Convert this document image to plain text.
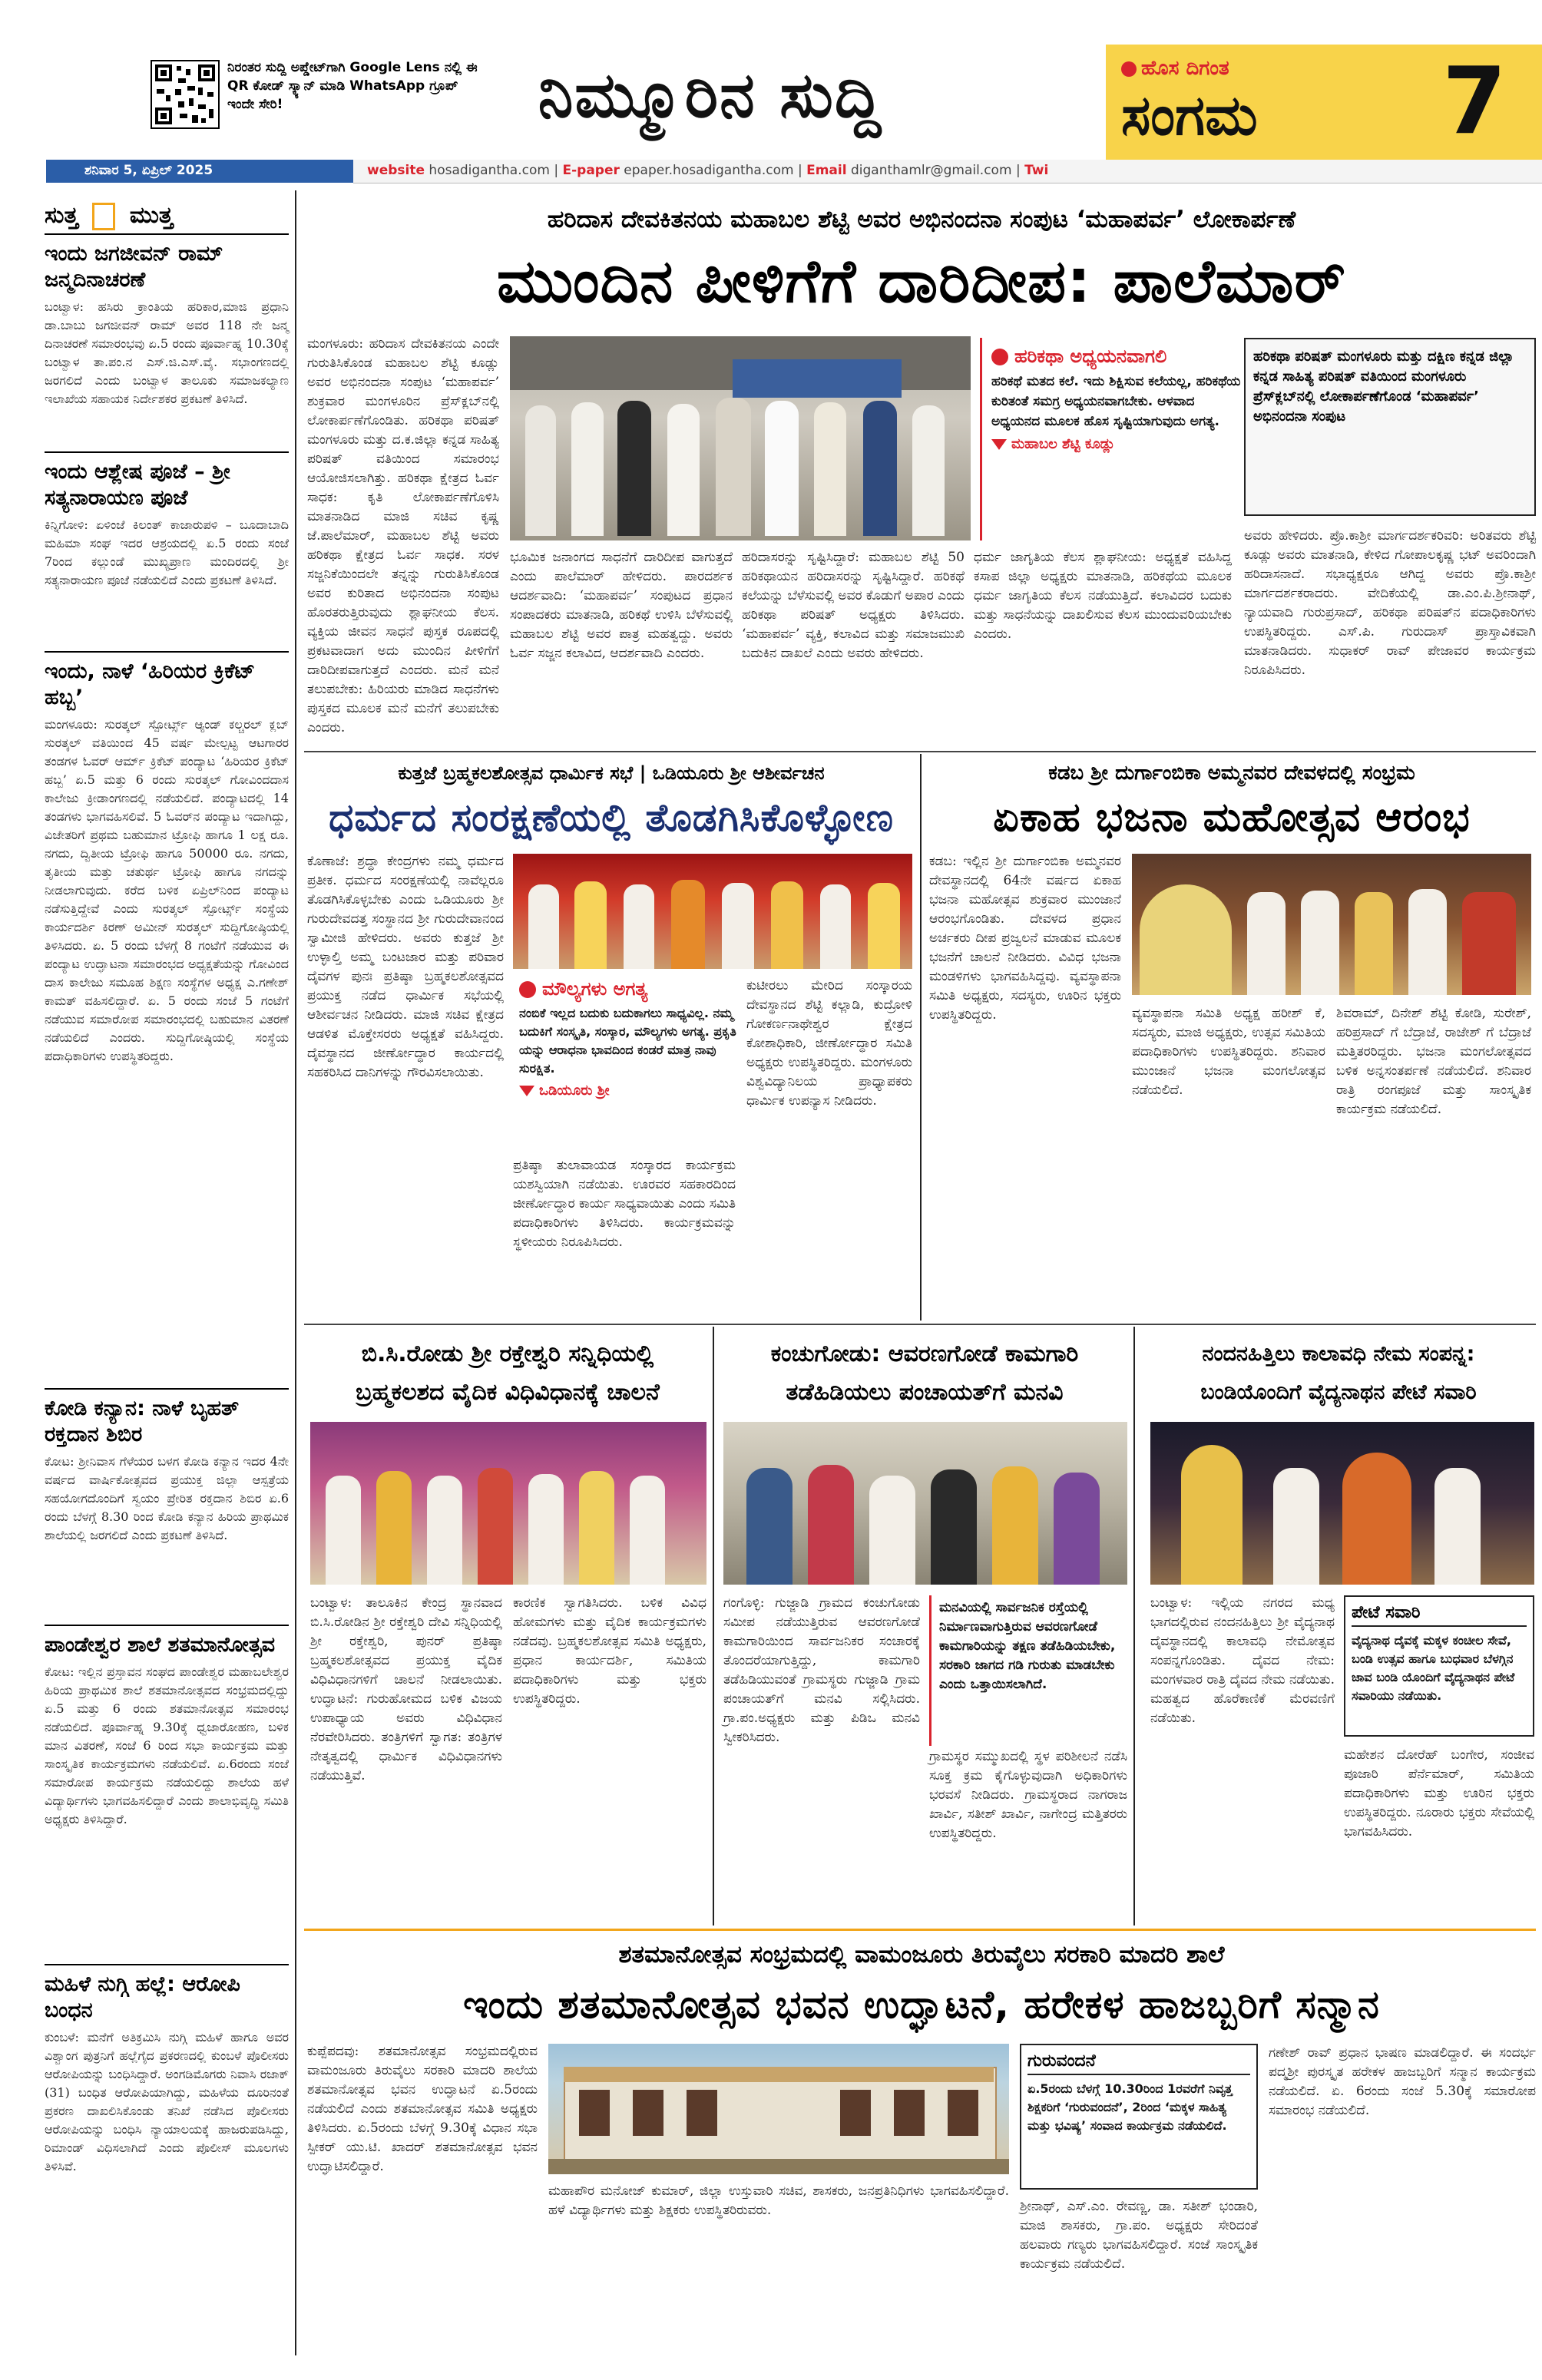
ನಿರಂತರ ಸುದ್ದಿ ಅಪ್ಡೇಟ್‌ಗಾಗಿ Google Lens ನಲ್ಲಿ ಈ QR ಕೋಡ್ ಸ್ಕ್ಯಾನ್ ಮಾಡಿ WhatsApp ಗ್ರೂಪ್ ಇಂದೇ ಸೇರಿ!	ನಿಮ್ಮೂರಿನ ಸುದ್ದಿ	ಹೊಸ ದಿಗಂತ
ಸಂಗಮ 7
ಶನಿವಾರ 5, ಏಪ್ರಿಲ್ 2025	website hosadigantha.com | E-paper epaper.hosadigantha.com | Email diganthamlr@gmail.com | Twi
ಸುತ್ತ ಮುತ್ತ
ಇಂದು ಜಗಜೀವನ್ ರಾಮ್ ಜನ್ಮದಿನಾಚರಣೆ
ಬಂಟ್ವಾಳ: ಹಸಿರು ಕ್ರಾಂತಿಯ ಹರಿಕಾರ,ಮಾಜಿ ಪ್ರಧಾನಿ ಡಾ.ಬಾಬು ಜಗಜೀವನ್ ರಾಮ್ ಅವರ 118 ನೇ ಜನ್ಮ ದಿನಾಚರಣೆ ಸಮಾರಂಭವು ಏ.5 ರಂದು ಪೂರ್ವಾಹ್ನ 10.30ಕ್ಕೆ ಬಂಟ್ವಾಳ ತಾ.ಪಂ.ನ ಎಸ್.ಜಿ.ಎಸ್.ವೈ. ಸಭಾಂಗಣದಲ್ಲಿ ಜರಗಲಿದೆ ಎಂದು ಬಂಟ್ವಾಳ ತಾಲೂಕು ಸಮಾಜಕಲ್ಯಾಣ ಇಲಾಖೆಯ ಸಹಾಯಕ ನಿರ್ದೇಶಕರ ಪ್ರಕಟಣೆ ತಿಳಿಸಿದೆ.
ಇಂದು ಆಶ್ಲೇಷ ಪೂಜೆ – ಶ್ರೀ ಸತ್ಯನಾರಾಯಣ ಪೂಜೆ
ಕಿನ್ನಿಗೋಳಿ: ಏಳಿಂಜೆ ಕಿಲಂತ್ ಕಾಜಾರುಪಳಿ – ಬೂದಾಬಾದಿ ಮಹಿಮಾ ಸಂಘ ಇದರ ಆಶ್ರಯದಲ್ಲಿ ಏ.5 ರಂದು ಸಂಜೆ 7ರಿಂದ ಕಲ್ಲುಂಡೆ ಮುಖ್ಯಪ್ರಾಣ ಮಂದಿರದಲ್ಲಿ ಶ್ರೀ ಸತ್ಯನಾರಾಯಣ ಪೂಜೆ ನಡೆಯಲಿದೆ ಎಂದು ಪ್ರಕಟಣೆ ತಿಳಿಸಿದೆ.
ಇಂದು, ನಾಳೆ ‘ಹಿರಿಯರ ಕ್ರಿಕೆಟ್ ಹಬ್ಬ’
ಮಂಗಳೂರು: ಸುರತ್ಕಲ್ ಸ್ಪೋರ್ಟ್ಸ್ ಆ್ಯಂಡ್ ಕಲ್ಚರಲ್ ಕ್ಲಬ್ ಸುರತ್ಕಲ್ ವತಿಯಿಂದ 45 ವರ್ಷ ಮೇಲ್ಪಟ್ಟ ಆಟಗಾರರ ತಂಡಗಳ ಓವರ್ ಆರ್ಮ್ ಕ್ರಿಕೆಟ್ ಪಂದ್ಯಾಟ ‘ಹಿರಿಯರ ಕ್ರಿಕೆಟ್ ಹಬ್ಬ’ ಏ.5 ಮತ್ತು 6 ರಂದು ಸುರತ್ಕಲ್ ಗೋವಿಂದದಾಸ ಕಾಲೇಜು ಕ್ರೀಡಾಂಗಣದಲ್ಲಿ ನಡೆಯಲಿದೆ. ಪಂದ್ಯಾಟದಲ್ಲಿ 14 ತಂಡಗಳು ಭಾಗವಹಿಸಲಿವೆ. 5 ಓವರ್‌ನ ಪಂದ್ಯಾಟ ಇದಾಗಿದ್ದು, ವಿಜೇತರಿಗೆ ಪ್ರಥಮ ಬಹುಮಾನ ಟ್ರೋಫಿ ಹಾಗೂ 1 ಲಕ್ಷ ರೂ. ನಗದು, ದ್ವಿತೀಯ ಟ್ರೋಫಿ ಹಾಗೂ 50000 ರೂ. ನಗದು, ತೃತೀಯ ಮತ್ತು ಚತುರ್ಥ ಟ್ರೋಫಿ ಹಾಗೂ ನಗದನ್ನು ನೀಡಲಾಗುವುದು. ಕರೆದ ಬಳಿಕ ಏಪ್ರಿಲ್‌ನಿಂದ ಪಂದ್ಯಾಟ ನಡೆಸುತ್ತಿದ್ದೇವೆ ಎಂದು ಸುರತ್ಕಲ್ ಸ್ಪೋರ್ಟ್ಸ್ ಸಂಸ್ಥೆಯ ಕಾರ್ಯದರ್ಶಿ ಕಿರಣ್ ಅಮೀನ್ ಸುರತ್ಕಲ್ ಸುದ್ದಿಗೋಷ್ಠಿಯಲ್ಲಿ ತಿಳಿಸಿದರು. ಏ. 5 ರಂದು ಬೆಳಗ್ಗೆ 8 ಗಂಟೆಗೆ ನಡೆಯುವ ಈ ಪಂದ್ಯಾಟ ಉದ್ಘಾಟನಾ ಸಮಾರಂಭದ ಅಧ್ಯಕ್ಷತೆಯನ್ನು ಗೋವಿಂದ ದಾಸ ಕಾಲೇಜು ಸಮೂಹ ಶಿಕ್ಷಣ ಸಂಸ್ಥೆಗಳ ಅಧ್ಯಕ್ಷ ಎ.ಗಣೇಶ್ ಕಾಮತ್ ವಹಿಸಲಿದ್ದಾರೆ. ಏ. 5 ರಂದು ಸಂಜೆ 5 ಗಂಟೆಗೆ ನಡೆಯುವ ಸಮಾರೋಪ ಸಮಾರಂಭದಲ್ಲಿ ಬಹುಮಾನ ವಿತರಣೆ ನಡೆಯಲಿದೆ ಎಂದರು. ಸುದ್ದಿಗೋಷ್ಠಿಯಲ್ಲಿ ಸಂಸ್ಥೆಯ ಪದಾಧಿಕಾರಿಗಳು ಉಪಸ್ಥಿತರಿದ್ದರು.
ಕೋಡಿ ಕನ್ಯಾನ: ನಾಳೆ ಬೃಹತ್ ರಕ್ತದಾನ ಶಿಬಿರ
ಕೋಟ: ಶ್ರೀನಿವಾಸ ಗೆಳೆಯರ ಬಳಗ ಕೋಡಿ ಕನ್ಯಾನ ಇದರ 4ನೇ ವರ್ಷದ ವಾರ್ಷಿಕೋತ್ಸವದ ಪ್ರಯುಕ್ತ ಜಿಲ್ಲಾ ಆಸ್ಪತ್ರೆಯ ಸಹಯೋಗದೊಂದಿಗೆ ಸ್ವಯಂ ಪ್ರೇರಿತ ರಕ್ತದಾನ ಶಿಬಿರ ಏ.6 ರಂದು ಬೆಳಗ್ಗೆ 8.30 ರಿಂದ ಕೋಡಿ ಕನ್ಯಾನ ಹಿರಿಯ ಪ್ರಾಥಮಿಕ ಶಾಲೆಯಲ್ಲಿ ಜರಗಲಿದೆ ಎಂದು ಪ್ರಕಟಣೆ ತಿಳಿಸಿದೆ.
ಪಾಂಡೇಶ್ವರ ಶಾಲೆ ಶತಮಾನೋತ್ಸವ
ಕೋಟ: ಇಲ್ಲಿನ ಪ್ರಸ್ತಾವನ ಸಂಘದ ಪಾಂಡೇಶ್ವರ ಮಹಾಬಲೇಶ್ವರ ಹಿರಿಯ ಪ್ರಾಥಮಿಕ ಶಾಲೆ ಶತಮಾನೋತ್ಸವದ ಸಂಭ್ರಮದಲ್ಲಿದ್ದು ಏ.5 ಮತ್ತು 6 ರಂದು ಶತಮಾನೋತ್ಸವ ಸಮಾರಂಭ ನಡೆಯಲಿದೆ. ಪೂರ್ವಾಹ್ನ 9.30ಕ್ಕೆ ಧ್ವಜಾರೋಹಣ, ಬಳಿಕ ಮಾನ ವಿತರಣೆ, ಸಂಜೆ 6 ರಿಂದ ಸಭಾ ಕಾರ್ಯಕ್ರಮ ಮತ್ತು ಸಾಂಸ್ಕೃತಿಕ ಕಾರ್ಯಕ್ರಮಗಳು ನಡೆಯಲಿವೆ. ಏ.6ರಂದು ಸಂಜೆ ಸಮಾರೋಪ ಕಾರ್ಯಕ್ರಮ ನಡೆಯಲಿದ್ದು ಶಾಲೆಯ ಹಳೆ ವಿದ್ಯಾರ್ಥಿಗಳು ಭಾಗವಹಿಸಲಿದ್ದಾರೆ ಎಂದು ಶಾಲಾಭಿವೃದ್ಧಿ ಸಮಿತಿ ಅಧ್ಯಕ್ಷರು ತಿಳಿಸಿದ್ದಾರೆ.
ಮಹಿಳೆ ನುಗ್ಗಿ ಹಲ್ಲೆ: ಆರೋಪಿ ಬಂಧನ
ಕುಂಬಳೆ: ಮನೆಗೆ ಅತಿಕ್ರಮಿಸಿ ನುಗ್ಗಿ ಮಹಿಳೆ ಹಾಗೂ ಅವರ ವಿಶ್ವಾಂಗ ಪುತ್ರನಿಗೆ ಹಲ್ಲೆಗೈದ ಪ್ರಕರಣದಲ್ಲಿ ಕುಂಬಳೆ ಪೊಲೀಸರು ಆರೋಪಿಯನ್ನು ಬಂಧಿಸಿದ್ದಾರೆ. ಅಂಗಡಿಮೊಗರು ನಿವಾಸಿ ರಜಾಕ್ (31) ಬಂಧಿತ ಆರೋಪಿಯಾಗಿದ್ದು, ಮಹಿಳೆಯ ದೂರಿನಂತೆ ಪ್ರಕರಣ ದಾಖಲಿಸಿಕೊಂಡು ತನಿಖೆ ನಡೆಸಿದ ಪೊಲೀಸರು ಆರೋಪಿಯನ್ನು ಬಂಧಿಸಿ ನ್ಯಾಯಾಲಯಕ್ಕೆ ಹಾಜರುಪಡಿಸಿದ್ದು, ರಿಮಾಂಡ್ ವಿಧಿಸಲಾಗಿದೆ ಎಂದು ಪೊಲೀಸ್ ಮೂಲಗಳು ತಿಳಿಸಿವೆ.
ಹರಿದಾಸ ದೇವಕಿತನಯ ಮಹಾಬಲ ಶೆಟ್ಟಿ ಅವರ ಅಭಿನಂದನಾ ಸಂಪುಟ ‘ಮಹಾಪರ್ವ’ ಲೋಕಾರ್ಪಣೆ
ಮುಂದಿನ ಪೀಳಿಗೆಗೆ ದಾರಿದೀಪ: ಪಾಲೆಮಾರ್
ಮಂಗಳೂರು: ಹರಿದಾಸ ದೇವಕಿತನಯ ಎಂದೇ ಗುರುತಿಸಿಕೊಂಡ ಮಹಾಬಲ ಶೆಟ್ಟಿ ಕೂಡ್ಲು ಅವರ ಅಭಿನಂದನಾ ಸಂಪುಟ ‘ಮಹಾಪರ್ವ’ ಶುಕ್ರವಾರ ಮಂಗಳೂರಿನ ಪ್ರೆಸ್‌ಕ್ಲಬ್‌ನಲ್ಲಿ ಲೋಕಾರ್ಪಣೆಗೊಂಡಿತು. ಹರಿಕಥಾ ಪರಿಷತ್ ಮಂಗಳೂರು ಮತ್ತು ದ.ಕ.ಜಿಲ್ಲಾ ಕನ್ನಡ ಸಾಹಿತ್ಯ ಪರಿಷತ್ ವತಿಯಿಂದ ಸಮಾರಂಭ ಆಯೋಜಿಸಲಾಗಿತ್ತು. ಹರಿಕಥಾ ಕ್ಷೇತ್ರದ ಓರ್ವ ಸಾಧಕ: ಕೃತಿ ಲೋಕಾರ್ಪಣೆಗೊಳಿಸಿ ಮಾತನಾಡಿದ ಮಾಜಿ ಸಚಿವ ಕೃಷ್ಣ ಜೆ.ಪಾಲೆಮಾರ್, ಮಹಾಬಲ ಶೆಟ್ಟಿ ಅವರು ಹರಿಕಥಾ ಕ್ಷೇತ್ರದ ಓರ್ವ ಸಾಧಕ. ಸರಳ ಸಜ್ಜನಿಕೆಯಿಂದಲೇ ತನ್ನನ್ನು ಗುರುತಿಸಿಕೊಂಡ ಅವರ ಕುರಿತಾದ ಅಭಿನಂದನಾ ಸಂಪುಟ ಹೊರತರುತ್ತಿರುವುದು ಶ್ಲಾಘನೀಯ ಕೆಲಸ. ವ್ಯಕ್ತಿಯ ಜೀವನ ಸಾಧನೆ ಪುಸ್ತಕ ರೂಪದಲ್ಲಿ ಪ್ರಕಟವಾದಾಗ ಅದು ಮುಂದಿನ ಪೀಳಿಗೆಗೆ ದಾರಿದೀಪವಾಗುತ್ತದೆ ಎಂದರು. ಮನೆ ಮನೆ ತಲುಪಬೇಕು: ಹಿರಿಯರು ಮಾಡಿದ ಸಾಧನೆಗಳು ಪುಸ್ತಕದ ಮೂಲಕ ಮನೆ ಮನೆಗೆ ತಲುಪಬೇಕು ಎಂದರು.
ಹರಿಕಥಾ ಅಧ್ಯಯನವಾಗಲಿ
ಹರಿಕಥೆ ಮತದ ಕಲೆ. ಇದು ಶಿಕ್ಷಿಸುವ ಕಲೆಯಲ್ಲ, ಹರಿಕಥೆಯ ಕುರಿತಂತೆ ಸಮಗ್ರ ಅಧ್ಯಯನವಾಗಬೇಕು. ಆಳವಾದ ಅಧ್ಯಯನದ ಮೂಲಕ ಹೊಸ ಸೃಷ್ಟಿಯಾಗುವುದು ಅಗತ್ಯ.
ಮಹಾಬಲ ಶೆಟ್ಟಿ ಕೂಡ್ಲು
ಹರಿಕಥಾ ಪರಿಷತ್ ಮಂಗಳೂರು ಮತ್ತು ದಕ್ಷಿಣ ಕನ್ನಡ ಜಿಲ್ಲಾ ಕನ್ನಡ ಸಾಹಿತ್ಯ ಪರಿಷತ್ ವತಿಯಿಂದ ಮಂಗಳೂರು ಪ್ರೆಸ್‌ಕ್ಲಬ್‌ನಲ್ಲಿ ಲೋಕಾರ್ಪಣೆಗೊಂಡ ‘ಮಹಾಪರ್ವ’ ಅಭಿನಂದನಾ ಸಂಪುಟ
ಭೂಮಿಕ ಜನಾಂಗದ ಸಾಧನೆಗೆ ದಾರಿದೀಪ ವಾಗುತ್ತದೆ ಎಂದು ಪಾಲೆಮಾರ್ ಹೇಳಿದರು. ಪಾರದರ್ಶಕ ಆದರ್ಶವಾದಿ: ‘ಮಹಾಪರ್ವ’ ಸಂಪುಟದ ಪ್ರಧಾನ ಸಂಪಾದಕರು ಮಾತನಾಡಿ, ಹರಿಕಥೆ ಉಳಿಸಿ ಬೆಳೆಸುವಲ್ಲಿ ಮಹಾಬಲ ಶೆಟ್ಟಿ ಅವರ ಪಾತ್ರ ಮಹತ್ವದ್ದು. ಅವರು ಓರ್ವ ಸಜ್ಜನ ಕಲಾವಿದ, ಆದರ್ಶವಾದಿ ಎಂದರು.
ಹರಿದಾಸರನ್ನು ಸೃಷ್ಟಿಸಿದ್ದಾರೆ: ಮಹಾಬಲ ಶೆಟ್ಟಿ 50 ಹರಿಕಥಾಯನ ಹರಿದಾಸರನ್ನು ಸೃಷ್ಟಿಸಿದ್ದಾರೆ. ಹರಿಕಥೆ ಕಲೆಯನ್ನು ಬೆಳೆಸುವಲ್ಲಿ ಅವರ ಕೊಡುಗೆ ಅಪಾರ ಎಂದು ಹರಿಕಥಾ ಪರಿಷತ್ ಅಧ್ಯಕ್ಷರು ತಿಳಿಸಿದರು. ‘ಮಹಾಪರ್ವ’ ವ್ಯಕ್ತಿ, ಕಲಾವಿದ ಮತ್ತು ಸಮಾಜಮುಖಿ ಬದುಕಿನ ದಾಖಲೆ ಎಂದು ಅವರು ಹೇಳಿದರು.
ಧರ್ಮ ಜಾಗೃತಿಯ ಕೆಲಸ ಶ್ಲಾಘನೀಯ: ಅಧ್ಯಕ್ಷತೆ ವಹಿಸಿದ್ದ ಕಸಾಪ ಜಿಲ್ಲಾ ಅಧ್ಯಕ್ಷರು ಮಾತನಾಡಿ, ಹರಿಕಥೆಯ ಮೂಲಕ ಧರ್ಮ ಜಾಗೃತಿಯ ಕೆಲಸ ನಡೆಯುತ್ತಿದೆ. ಕಲಾವಿದರ ಬದುಕು ಮತ್ತು ಸಾಧನೆಯನ್ನು ದಾಖಲಿಸುವ ಕೆಲಸ ಮುಂದುವರಿಯಬೇಕು ಎಂದರು.
ಅವರು ಹೇಳಿದರು. ಪ್ರೊ.ಕಾಶ್ರೀ ಮಾರ್ಗದರ್ಶಕರಿವರಿ: ಅರಿತವರು ಶೆಟ್ಟಿ ಕೂಡ್ಲು ಅವರು ಮಾತನಾಡಿ, ಕೇಳಿದ ಗೋಪಾಲಕೃಷ್ಣ ಭಟ್ ಅವರಿಂದಾಗಿ ಹರಿದಾಸನಾದೆ. ಸಭಾಧ್ಯಕ್ಷರೂ ಆಗಿದ್ದ ಅವರು ಪ್ರೊ.ಕಾಶ್ರೀ ಮಾರ್ಗದರ್ಶಕರಾದರು. ವೇದಿಕೆಯಲ್ಲಿ ಡಾ.ಎಂ.ಪಿ.ಶ್ರೀನಾಥ್, ನ್ಯಾಯವಾದಿ ಗುರುಪ್ರಸಾದ್, ಹರಿಕಥಾ ಪರಿಷತ್‌ನ ಪದಾಧಿಕಾರಿಗಳು ಉಪಸ್ಥಿತರಿದ್ದರು. ಎಸ್.ಪಿ. ಗುರುದಾಸ್ ಪ್ರಾಸ್ತಾವಿಕವಾಗಿ ಮಾತನಾಡಿದರು. ಸುಧಾಕರ್ ರಾವ್ ಪೇಜಾವರ ಕಾರ್ಯಕ್ರಮ ನಿರೂಪಿಸಿದರು.
ಕುತ್ತಜೆ ಬ್ರಹ್ಮಕಲಶೋತ್ಸವ ಧಾರ್ಮಿಕ ಸಭೆ | ಒಡಿಯೂರು ಶ್ರೀ ಆಶೀರ್ವಚನ
ಧರ್ಮದ ಸಂರಕ್ಷಣೆಯಲ್ಲಿ ತೊಡಗಿಸಿಕೊಳ್ಳೋಣ
ಕೊಣಾಜೆ: ಶ್ರದ್ಧಾ ಕೇಂದ್ರಗಳು ನಮ್ಮ ಧರ್ಮದ ಪ್ರತೀಕ. ಧರ್ಮದ ಸಂರಕ್ಷಣೆಯಲ್ಲಿ ನಾವೆಲ್ಲರೂ ತೊಡಗಿಸಿಕೊಳ್ಳಬೇಕು ಎಂದು ಒಡಿಯೂರು ಶ್ರೀ ಗುರುದೇವದತ್ತ ಸಂಸ್ಥಾನದ ಶ್ರೀ ಗುರುದೇವಾನಂದ ಸ್ವಾಮೀಜಿ ಹೇಳಿದರು. ಅವರು ಕುತ್ತಜೆ ಶ್ರೀ ಉಳ್ಳಾಲ್ತಿ ಅಮ್ಮ ಬಂಟಜಾರ ಮತ್ತು ಪರಿವಾರ ದೈವಗಳ ಪುನಃ ಪ್ರತಿಷ್ಠಾ ಬ್ರಹ್ಮಕಲಶೋತ್ಸವದ ಪ್ರಯುಕ್ತ ನಡೆದ ಧಾರ್ಮಿಕ ಸಭೆಯಲ್ಲಿ ಆಶೀರ್ವಚನ ನೀಡಿದರು. ಮಾಜಿ ಸಚಿವ ಕ್ಷೇತ್ರದ ಆಡಳಿತ ಮೊಕ್ತೇಸರರು ಅಧ್ಯಕ್ಷತೆ ವಹಿಸಿದ್ದರು. ದೈವಸ್ಥಾನದ ಜೀರ್ಣೋದ್ಧಾರ ಕಾರ್ಯದಲ್ಲಿ ಸಹಕರಿಸಿದ ದಾನಿಗಳನ್ನು ಗೌರವಿಸಲಾಯಿತು.
ಮೌಲ್ಯಗಳು ಅಗತ್ಯ
ನಂಬಿಕೆ ಇಲ್ಲದ ಬದುಕು ಬದುಕಾಗಲು ಸಾಧ್ಯವಿಲ್ಲ. ನಮ್ಮ ಬದುಕಿಗೆ ಸಂಸ್ಕೃತಿ, ಸಂಸ್ಕಾರ, ಮೌಲ್ಯಗಳು ಅಗತ್ಯ. ಪ್ರಕೃತಿ ಯನ್ನು ಆರಾಧನಾ ಭಾವದಿಂದ ಕಂಡರೆ ಮಾತ್ರ ನಾವು ಸುರಕ್ಷಿತ.
ಒಡಿಯೂರು ಶ್ರೀ
ಕುಟೀರಲು ಮೇರಿದ ಸಂಸ್ಕಾರಯ ದೇವಸ್ಥಾನದ ಶೆಟ್ಟಿ ಕಲ್ಲಾಡಿ, ಕುದ್ರೋಳಿ ಗೋಕರ್ಣನಾಥೇಶ್ವರ ಕ್ಷೇತ್ರದ ಕೋಶಾಧಿಕಾರಿ, ಜೀರ್ಣೋದ್ಧಾರ ಸಮಿತಿ ಅಧ್ಯಕ್ಷರು ಉಪಸ್ಥಿತರಿದ್ದರು. ಮಂಗಳೂರು ವಿಶ್ವವಿದ್ಯಾನಿಲಯ ಪ್ರಾಧ್ಯಾಪಕರು ಧಾರ್ಮಿಕ ಉಪನ್ಯಾಸ ನೀಡಿದರು.
ಪ್ರತಿಷ್ಠಾ ತುಲಾವಾಯಡ ಸಂಸ್ಕಾರದ ಕಾರ್ಯಕ್ರಮ ಯಶಸ್ವಿಯಾಗಿ ನಡೆಯಿತು. ಊರವರ ಸಹಕಾರದಿಂದ ಜೀರ್ಣೋದ್ಧಾರ ಕಾರ್ಯ ಸಾಧ್ಯವಾಯಿತು ಎಂದು ಸಮಿತಿ ಪದಾಧಿಕಾರಿಗಳು ತಿಳಿಸಿದರು. ಕಾರ್ಯಕ್ರಮವನ್ನು ಸ್ಥಳೀಯರು ನಿರೂಪಿಸಿದರು.
ಕಡಬ ಶ್ರೀ ದುರ್ಗಾಂಬಿಕಾ ಅಮ್ಮನವರ ದೇವಳದಲ್ಲಿ ಸಂಭ್ರಮ
ಏಕಾಹ ಭಜನಾ ಮಹೋತ್ಸವ ಆರಂಭ
ಕಡಬ: ಇಲ್ಲಿನ ಶ್ರೀ ದುರ್ಗಾಂಬಿಕಾ ಅಮ್ಮನವರ ದೇವಸ್ಥಾನದಲ್ಲಿ 64ನೇ ವರ್ಷದ ಏಕಾಹ ಭಜನಾ ಮಹೋತ್ಸವ ಶುಕ್ರವಾರ ಮುಂಜಾನೆ ಆರಂಭಗೊಂಡಿತು. ದೇವಳದ ಪ್ರಧಾನ ಅರ್ಚಕರು ದೀಪ ಪ್ರಜ್ವಲನೆ ಮಾಡುವ ಮೂಲಕ ಭಜನೆಗೆ ಚಾಲನೆ ನೀಡಿದರು. ವಿವಿಧ ಭಜನಾ ಮಂಡಳಿಗಳು ಭಾಗವಹಿಸಿದ್ದವು. ವ್ಯವಸ್ಥಾಪನಾ ಸಮಿತಿ ಅಧ್ಯಕ್ಷರು, ಸದಸ್ಯರು, ಊರಿನ ಭಕ್ತರು ಉಪಸ್ಥಿತರಿದ್ದರು.	ವ್ಯವಸ್ಥಾಪನಾ ಸಮಿತಿ ಅಧ್ಯಕ್ಷ ಹರೀಶ್ ಕೆ, ಸದಸ್ಯರು, ಮಾಜಿ ಅಧ್ಯಕ್ಷರು, ಉತ್ಸವ ಸಮಿತಿಯ ಪದಾಧಿಕಾರಿಗಳು ಉಪಸ್ಥಿತರಿದ್ದರು. ಶನಿವಾರ ಮುಂಜಾನೆ ಭಜನಾ ಮಂಗಲೋತ್ಸವ ನಡೆಯಲಿದೆ.
ಶಿವರಾಮ್, ದಿನೇಶ್ ಶೆಟ್ಟಿ ಕೋಡಿ, ಸುರೇಶ್, ಹರಿಪ್ರಸಾದ್ ಗೆ ಬೆದ್ರಾಜೆ, ರಾಜೇಶ್ ಗೆ ಬೆದ್ರಾಜೆ ಮತ್ತಿತರರಿದ್ದರು. ಭಜನಾ ಮಂಗಲೋತ್ಸವದ ಬಳಿಕ ಅನ್ನಸಂತರ್ಪಣೆ ನಡೆಯಲಿದೆ. ಶನಿವಾರ ರಾತ್ರಿ ರಂಗಪೂಜೆ ಮತ್ತು ಸಾಂಸ್ಕೃತಿಕ ಕಾರ್ಯಕ್ರಮ ನಡೆಯಲಿದೆ.
ಬಿ.ಸಿ.ರೋಡು ಶ್ರೀ ರಕ್ತೇಶ್ವರಿ ಸನ್ನಿಧಿಯಲ್ಲಿ
ಬ್ರಹ್ಮಕಲಶದ ವೈದಿಕ ವಿಧಿವಿಧಾನಕ್ಕೆ ಚಾಲನೆ
ಬಂಟ್ವಾಳ: ತಾಲೂಕಿನ ಕೇಂದ್ರ ಸ್ಥಾನವಾದ ಬಿ.ಸಿ.ರೋಡಿನ ಶ್ರೀ ರಕ್ತೇಶ್ವರಿ ದೇವಿ ಸನ್ನಿಧಿಯಲ್ಲಿ ಶ್ರೀ ರಕ್ತೇಶ್ವರಿ, ಪುನರ್ ಪ್ರತಿಷ್ಠಾ ಬ್ರಹ್ಮಕಲಶೋತ್ಸವದ ಪ್ರಯುಕ್ತ ವೈದಿಕ ವಿಧಿವಿಧಾನಗಳಿಗೆ ಚಾಲನೆ ನೀಡಲಾಯಿತು. ಉದ್ಘಾಟನೆ: ಗುರುಹೋಮದ ಬಳಿಕ ವಿಜಯ ಉಪಾಧ್ಯಾಯ ಅವರು ವಿಧಿವಿಧಾನ ನೆರವೇರಿಸಿದರು. ತಂತ್ರಿಗಳಿಗೆ ಸ್ವಾಗತ: ತಂತ್ರಿಗಳ ನೇತೃತ್ವದಲ್ಲಿ ಧಾರ್ಮಿಕ ವಿಧಿವಿಧಾನಗಳು ನಡೆಯುತ್ತಿವೆ.
ಕಾರಣಿಕ ಸ್ವಾಗತಿಸಿದರು. ಬಳಿಕ ವಿವಿಧ ಹೋಮಗಳು ಮತ್ತು ವೈದಿಕ ಕಾರ್ಯಕ್ರಮಗಳು ನಡೆದವು. ಬ್ರಹ್ಮಕಲಶೋತ್ಸವ ಸಮಿತಿ ಅಧ್ಯಕ್ಷರು, ಪ್ರಧಾನ ಕಾರ್ಯದರ್ಶಿ, ಸಮಿತಿಯ ಪದಾಧಿಕಾರಿಗಳು ಮತ್ತು ಭಕ್ತರು ಉಪಸ್ಥಿತರಿದ್ದರು.
ಕಂಚುಗೋಡು: ಆವರಣಗೋಡೆ ಕಾಮಗಾರಿ
ತಡೆಹಿಡಿಯಲು ಪಂಚಾಯತ್‌ಗೆ ಮನವಿ
ಗಂಗೊಳ್ಳಿ: ಗುಜ್ಜಾಡಿ ಗ್ರಾಮದ ಕಂಚುಗೋಡು ಸಮೀಪ ನಡೆಯುತ್ತಿರುವ ಆವರಣಗೋಡೆ ಕಾಮಗಾರಿಯಿಂದ ಸಾರ್ವಜನಿಕರ ಸಂಚಾರಕ್ಕೆ ತೊಂದರೆಯಾಗುತ್ತಿದ್ದು, ಕಾಮಗಾರಿ ತಡೆಹಿಡಿಯುವಂತೆ ಗ್ರಾಮಸ್ಥರು ಗುಜ್ಜಾಡಿ ಗ್ರಾಮ ಪಂಚಾಯತ್‌ಗೆ ಮನವಿ ಸಲ್ಲಿಸಿದರು. ಗ್ರಾ.ಪಂ.ಅಧ್ಯಕ್ಷರು ಮತ್ತು ಪಿಡಿಒ ಮನವಿ ಸ್ವೀಕರಿಸಿದರು.
ಮನವಿಯಲ್ಲಿ ಸಾರ್ವಜನಿಕ ರಸ್ತೆಯಲ್ಲಿ ನಿರ್ಮಾಣವಾಗುತ್ತಿರುವ ಆವರಣಗೋಡೆ ಕಾಮಗಾರಿಯನ್ನು ತಕ್ಷಣ ತಡೆಹಿಡಿಯಬೇಕು, ಸರಕಾರಿ ಜಾಗದ ಗಡಿ ಗುರುತು ಮಾಡಬೇಕು ಎಂದು ಒತ್ತಾಯಿಸಲಾಗಿದೆ.
ಗ್ರಾಮಸ್ಥರ ಸಮ್ಮುಖದಲ್ಲಿ ಸ್ಥಳ ಪರಿಶೀಲನೆ ನಡೆಸಿ ಸೂಕ್ತ ಕ್ರಮ ಕೈಗೊಳ್ಳುವುದಾಗಿ ಅಧಿಕಾರಿಗಳು ಭರವಸೆ ನೀಡಿದರು. ಗ್ರಾಮಸ್ಥರಾದ ನಾಗರಾಜ ಖಾರ್ವಿ, ಸತೀಶ್ ಖಾರ್ವಿ, ನಾಗೇಂದ್ರ ಮತ್ತಿತರರು ಉಪಸ್ಥಿತರಿದ್ದರು.
ನಂದನಹಿತ್ತಿಲು ಕಾಲಾವಧಿ ನೇಮ ಸಂಪನ್ನ:
ಬಂಡಿಯೊಂದಿಗೆ ವೈದ್ಯನಾಥನ ಪೇಟೆ ಸವಾರಿ
ಬಂಟ್ವಾಳ: ಇಲ್ಲಿಯ ನಗರದ ಮಧ್ಯ ಭಾಗದಲ್ಲಿರುವ ನಂದನಹಿತ್ತಿಲು ಶ್ರೀ ವೈದ್ಯನಾಥ ದೈವಸ್ಥಾನದಲ್ಲಿ ಕಾಲಾವಧಿ ನೇಮೋತ್ಸವ ಸಂಪನ್ನಗೊಂಡಿತು. ದೈವದ ನೇಮ: ಮಂಗಳವಾರ ರಾತ್ರಿ ದೈವದ ನೇಮ ನಡೆಯಿತು. ಮಹತ್ವದ ಹೊರೆಕಾಣಿಕೆ ಮೆರವಣಿಗೆ ನಡೆಯಿತು.
ಪೇಟೆ ಸವಾರಿ
ವೈದ್ಯನಾಥ ದೈವಕ್ಕೆ ಮಕ್ಕಳ ಕಂಚೀಲ ಸೇವೆ, ಬಂಡಿ ಉತ್ಸವ ಹಾಗೂ ಬುಧವಾರ ಬೆಳಗ್ಗಿನ ಜಾವ ಬಂಡಿ ಯೊಂದಿಗೆ ವೈದ್ಯನಾಥನ ಪೇಟೆ ಸವಾರಿಯು ನಡೆಯಿತು.
ಮಹೇಶನ ದೋರೆಹ್ ಬಂಗೇರ, ಸಂಜೀವ ಪೂಜಾರಿ ಪೆರ್ನೆಮಾರ್, ಸಮಿತಿಯ ಪದಾಧಿಕಾರಿಗಳು ಮತ್ತು ಊರಿನ ಭಕ್ತರು ಉಪಸ್ಥಿತರಿದ್ದರು. ನೂರಾರು ಭಕ್ತರು ಸೇವೆಯಲ್ಲಿ ಭಾಗವಹಿಸಿದರು.
ಶತಮಾನೋತ್ಸವ ಸಂಭ್ರಮದಲ್ಲಿ ವಾಮಂಜೂರು ತಿರುವೈಲು ಸರಕಾರಿ ಮಾದರಿ ಶಾಲೆ
ಇಂದು ಶತಮಾನೋತ್ಸವ ಭವನ ಉದ್ಘಾಟನೆ, ಹರೇಕಳ ಹಾಜಬ್ಬರಿಗೆ ಸನ್ಮಾನ
ಕುಪ್ಪೆಪದವು: ಶತಮಾನೋತ್ಸವ ಸಂಭ್ರಮದಲ್ಲಿರುವ ವಾಮಂಜೂರು ತಿರುವೈಲು ಸರಕಾರಿ ಮಾದರಿ ಶಾಲೆಯ ಶತಮಾನೋತ್ಸವ ಭವನ ಉದ್ಘಾಟನೆ ಏ.5ರಂದು ನಡೆಯಲಿದೆ ಎಂದು ಶತಮಾನೋತ್ಸವ ಸಮಿತಿ ಅಧ್ಯಕ್ಷರು ತಿಳಿಸಿದರು. ಏ.5ರಂದು ಬೆಳಗ್ಗೆ 9.30ಕ್ಕೆ ವಿಧಾನ ಸಭಾ ಸ್ಪೀಕರ್ ಯು.ಟಿ. ಖಾದರ್ ಶತಮಾನೋತ್ಸವ ಭವನ ಉದ್ಘಾಟಿಸಲಿದ್ದಾರೆ.
ಮಹಾಪೌರ ಮನೋಜ್ ಕುಮಾರ್, ಜಿಲ್ಲಾ ಉಸ್ತುವಾರಿ ಸಚಿವ, ಶಾಸಕರು, ಜನಪ್ರತಿನಿಧಿಗಳು ಭಾಗವಹಿಸಲಿದ್ದಾರೆ. ಹಳೆ ವಿದ್ಯಾರ್ಥಿಗಳು ಮತ್ತು ಶಿಕ್ಷಕರು ಉಪಸ್ಥಿತರಿರುವರು.
ಗುರುವಂದನೆ
ಏ.5ರಂದು ಬೆಳಗ್ಗೆ 10.30ರಿಂದ 1ರವರೆಗೆ ನಿವೃತ್ತ ಶಿಕ್ಷಕರಿಗೆ ‘ಗುರುವಂದನೆ’, 2ರಿಂದ ‘ಮಕ್ಕಳ ಸಾಹಿತ್ಯ ಮತ್ತು ಭವಿಷ್ಯ’ ಸಂವಾದ ಕಾರ್ಯಕ್ರಮ ನಡೆಯಲಿದೆ.
ಶ್ರೀನಾಥ್, ಎಸ್.ಎಂ. ರೇವಣ್ಣ, ಡಾ. ಸತೀಶ್ ಭಂಡಾರಿ, ಮಾಜಿ ಶಾಸಕರು, ಗ್ರಾ.ಪಂ. ಅಧ್ಯಕ್ಷರು ಸೇರಿದಂತೆ ಹಲವಾರು ಗಣ್ಯರು ಭಾಗವಹಿಸಲಿದ್ದಾರೆ. ಸಂಜೆ ಸಾಂಸ್ಕೃತಿಕ ಕಾರ್ಯಕ್ರಮ ನಡೆಯಲಿದೆ.
ಗಣೇಶ್ ರಾವ್ ಪ್ರಧಾನ ಭಾಷಣ ಮಾಡಲಿದ್ದಾರೆ. ಈ ಸಂದರ್ಭ ಪದ್ಮಶ್ರೀ ಪುರಸ್ಕೃತ ಹರೇಕಳ ಹಾಜಬ್ಬರಿಗೆ ಸನ್ಮಾನ ಕಾರ್ಯಕ್ರಮ ನಡೆಯಲಿದೆ. ಏ. 6ರಂದು ಸಂಜೆ 5.30ಕ್ಕೆ ಸಮಾರೋಪ ಸಮಾರಂಭ ನಡೆಯಲಿದೆ.
